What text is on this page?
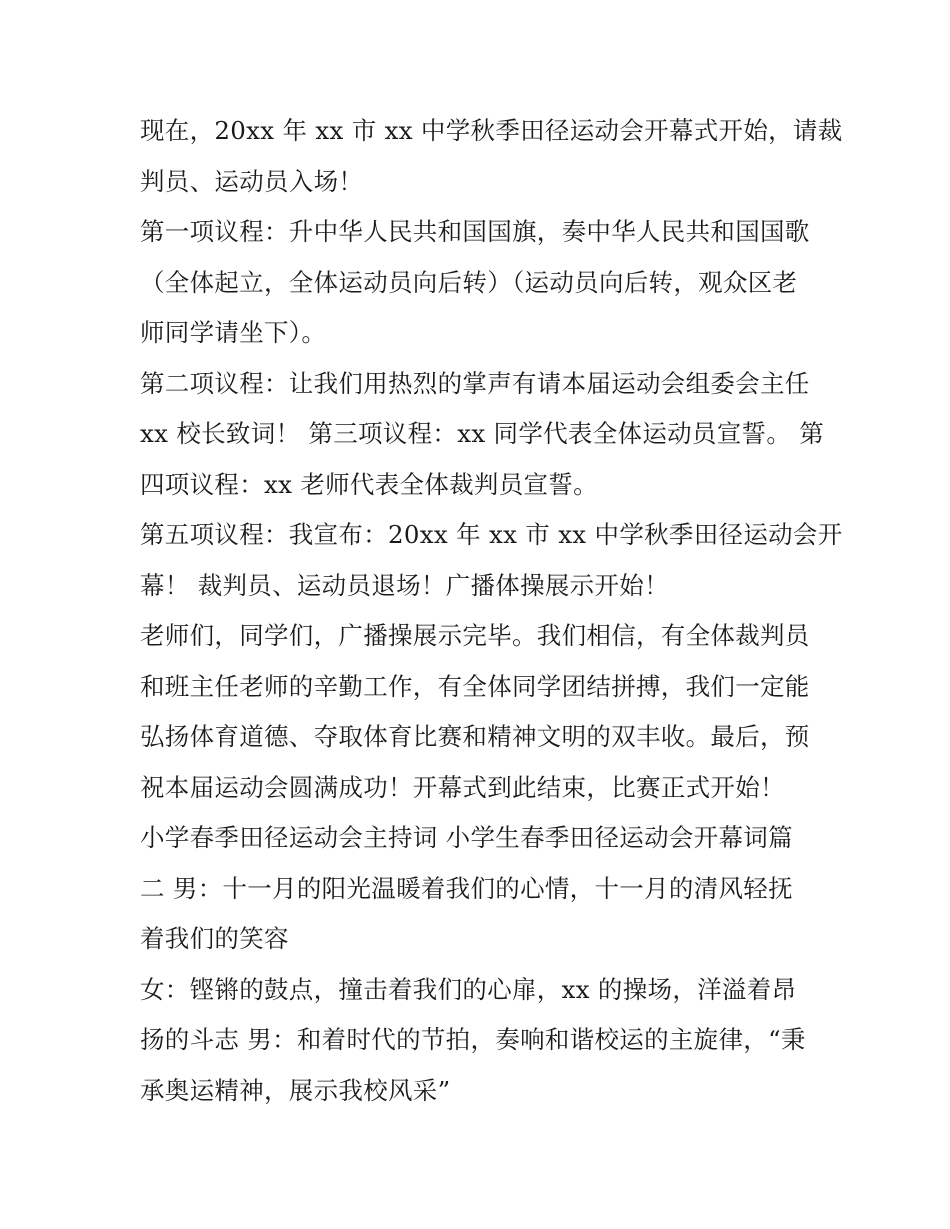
现在，20xx 年 xx 市 xx 中学秋季田径运动会开幕式开始，请裁
判员、运动员入场！
第一项议程：升中华人民共和国国旗，奏中华人民共和国国歌
（全体起立，全体运动员向后转）（运动员向后转，观众区老
师同学请坐下）。
第二项议程：让我们用热烈的掌声有请本届运动会组委会主任
xx 校长致词！ 第三项议程：xx 同学代表全体运动员宣誓。 第
四项议程：xx 老师代表全体裁判员宣誓。
第五项议程：我宣布：20xx 年 xx 市 xx 中学秋季田径运动会开
幕！ 裁判员、运动员退场！广播体操展示开始！
老师们，同学们，广播操展示完毕。我们相信，有全体裁判员
和班主任老师的辛勤工作，有全体同学团结拼搏，我们一定能
弘扬体育道德、夺取体育比赛和精神文明的双丰收。最后，预
祝本届运动会圆满成功！开幕式到此结束，比赛正式开始！
小学春季田径运动会主持词 小学生春季田径运动会开幕词篇
二 男：十一月的阳光温暖着我们的心情，十一月的清风轻抚
着我们的笑容
女：铿锵的鼓点，撞击着我们的心扉，xx 的操场，洋溢着昂
扬的斗志 男：和着时代的节拍，奏响和谐校运的主旋律，“秉
承奥运精神，展示我校风采”
